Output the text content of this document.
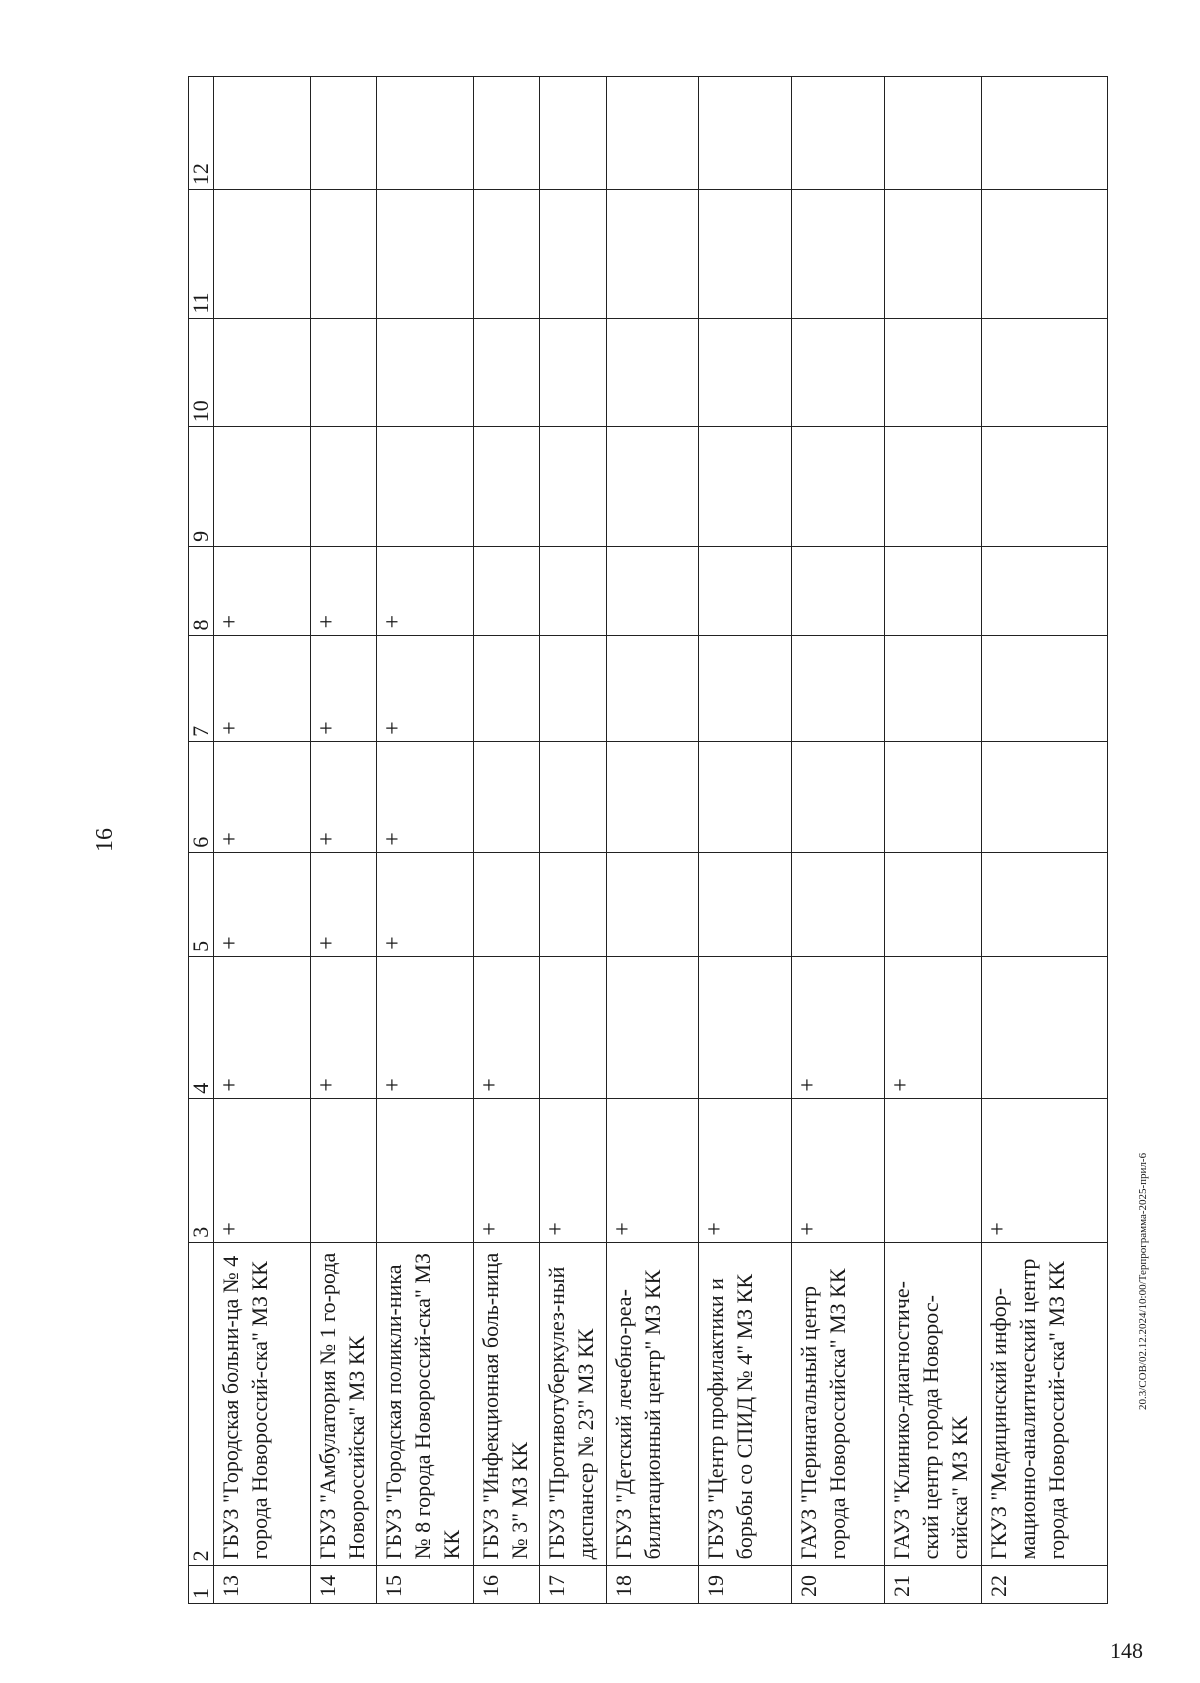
16
148
20.3/СОВ/02.12.2024/10:00/Терпрограмма-2025-прил-6
1	2	3	4	5	6	7	8	9	10	11	12
13	ГБУЗ "Городская больни-ца № 4 города Новороссий-ска" МЗ КК	+	+	+	+	+	+				
14	ГБУЗ "Амбулатория № 1 го-рода Новороссийска" МЗ КК		+	+	+	+	+				
15	ГБУЗ "Городская поликли-ника № 8 города Новороссий-ска" МЗ КК		+	+	+	+	+				
16	ГБУЗ "Инфекционная боль-ница № 3" МЗ КК	+	+								
17	ГБУЗ "Противотуберкулез-ный диспансер № 23" МЗ КК	+									
18	ГБУЗ "Детский лечебно-реа-билитационный центр" МЗ КК	+									
19	ГБУЗ "Центр профилактики и борьбы со СПИД № 4" МЗ КК	+									
20	ГАУЗ "Перинатальный центр города Новороссийска" МЗ КК	+	+								
21	ГАУЗ "Клинико-диагностиче-ский центр города Новорос-сийска" МЗ КК		+								
22	ГКУЗ "Медицинский инфор-мационно-аналитический центр города Новороссий-ска" МЗ КК	+									
